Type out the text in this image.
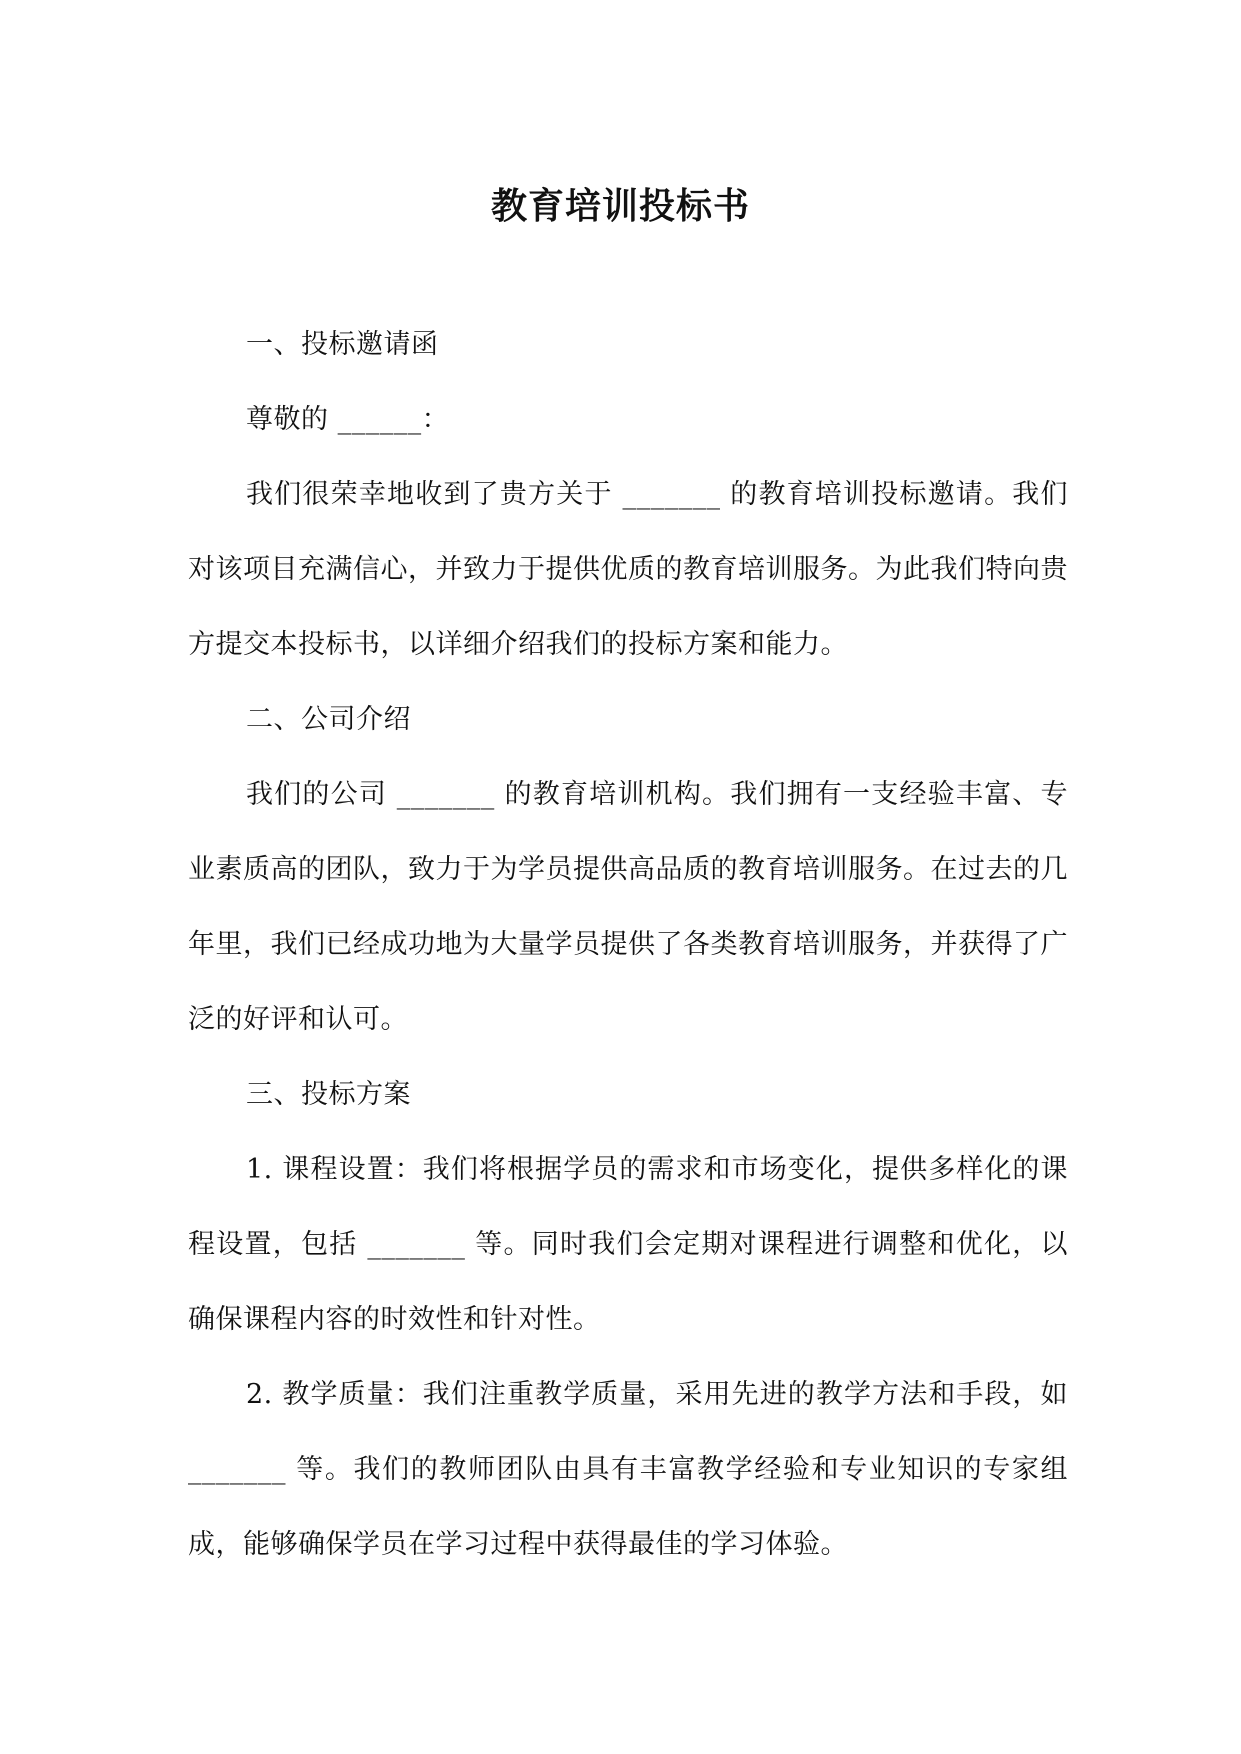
教育培训投标书

一、投标邀请函

尊敬的 ______：

我们很荣幸地收到了贵方关于 _______ 的教育培训投标邀请。我们对该项目充满信心，并致力于提供优质的教育培训服务。为此我们特向贵方提交本投标书，以详细介绍我们的投标方案和能力。

二、公司介绍

我们的公司 _______ 的教育培训机构。我们拥有一支经验丰富、专业素质高的团队，致力于为学员提供高品质的教育培训服务。在过去的几年里，我们已经成功地为大量学员提供了各类教育培训服务，并获得了广泛的好评和认可。

三、投标方案

1. 课程设置：我们将根据学员的需求和市场变化，提供多样化的课程设置，包括 _______ 等。同时我们会定期对课程进行调整和优化，以确保课程内容的时效性和针对性。

2. 教学质量：我们注重教学质量，采用先进的教学方法和手段，如 _______ 等。我们的教师团队由具有丰富教学经验和专业知识的专家组成，能够确保学员在学习过程中获得最佳的学习体验。
